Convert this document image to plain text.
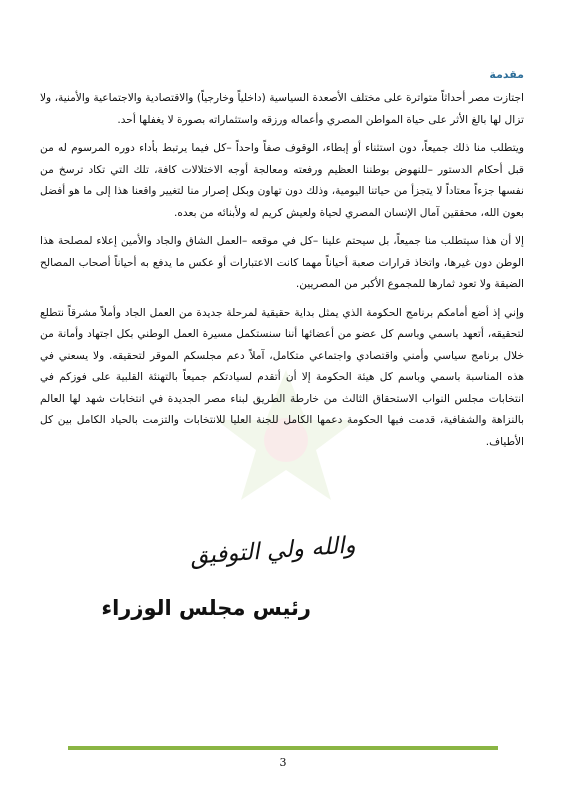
مقدمة

اجتازت مصر أحداثاً متواترة على مختلف الأصعدة السياسية (داخلياً وخارجياً) والاقتصادية والاجتماعية والأمنية، ولا تزال لها بالغ الأثر على حياة المواطن المصري وأعماله ورزقه واستثماراته بصورة لا يغفلها أحد.

ويتطلب منا ذلك جميعاً، دون استثناء أو إبطاء، الوقوف صفاً واحداً –كل فيما يرتبط بأداء دوره المرسوم له من قبل أحكام الدستور –للنهوض بوطننا العظيم ورفعته ومعالجة أوجه الاختلالات كافة، تلك التي تكاد ترسخ من نفسها جزءاً معتاداً لا يتجزأ من حياتنا اليومية، وذلك دون تهاون وبكل إصرار منا لتغيير واقعنا هذا إلى ما هو أفضل بعون الله، محققين آمال الإنسان المصري لحياة ولعيش كريم له ولأبنائه من بعده.

إلا أن هذا سيتطلب منا جميعاً، بل سيحتم علينا –كل في موقعه –العمل الشاق والجاد والأمين إعلاء لمصلحة هذا الوطن دون غيرها، واتخاذ قرارات صعبة أحياناً مهما كانت الاعتبارات أو عكس ما يدفع به أحياناً أصحاب المصالح الضيقة ولا تعود ثمارها للمجموع الأكبر من المصريين.

وإني إذ أضع أمامكم برنامج الحكومة الذي يمثل بداية حقيقية لمرحلة جديدة من العمل الجاد وأملاً مشرقاً نتطلع لتحقيقه، أتعهد باسمي وباسم كل عضو من أعضائها أننا سنستكمل مسيرة العمل الوطني بكل اجتهاد وأمانة من خلال برنامج سياسي وأمني واقتصادي واجتماعي متكامل، آملاً دعم مجلسكم الموقر لتحقيقه. ولا يسعني في هذه المناسبة باسمي وباسم كل هيئة الحكومة إلا أن أتقدم لسيادتكم جميعاً بالتهنئة القلبية على فوزكم في انتخابات مجلس النواب الاستحقاق الثالث من خارطة الطريق لبناء مصر الجديدة في انتخابات شهد لها العالم بالنزاهة والشفافية، قدمت فيها الحكومة دعمها الكامل للجنة العليا للانتخابات والتزمت بالحياد الكامل بين كل الأطياف.

والله ولي التوفيق
رئيس مجلس الوزراء
3
